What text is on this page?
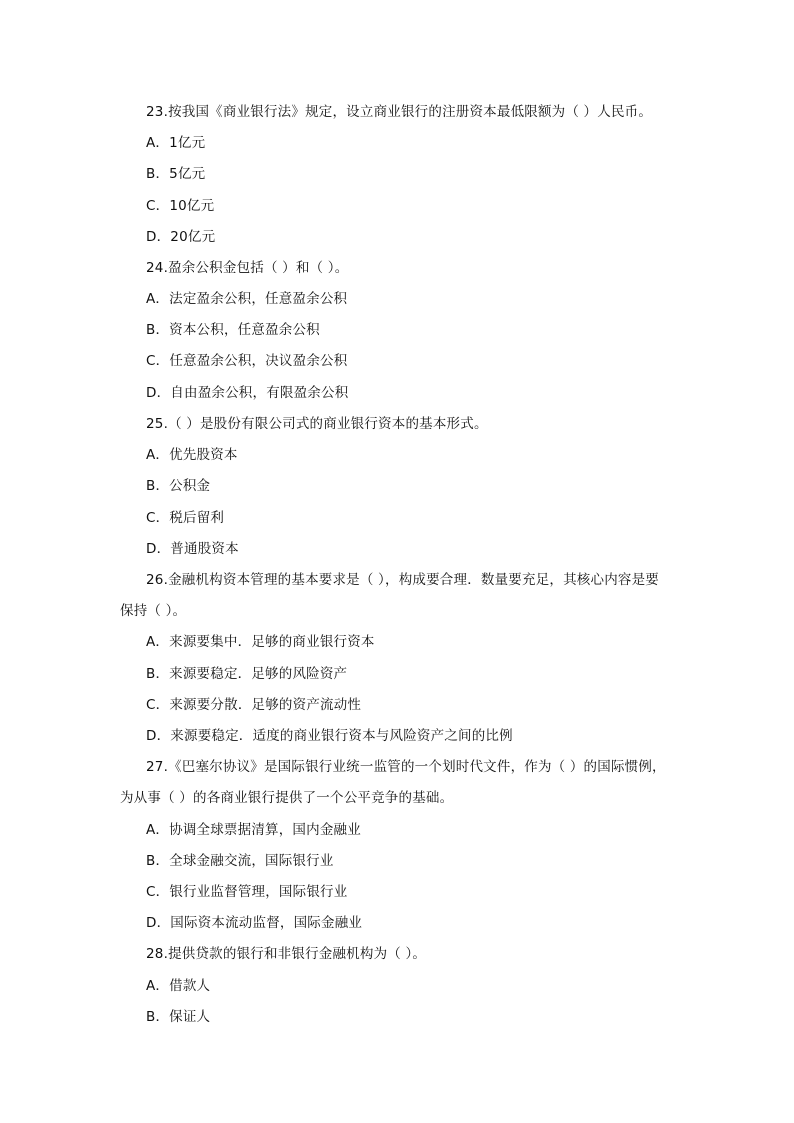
23.按我国《商业银行法》规定，设立商业银行的注册资本最低限额为（ ）人民币。
A．1亿元
B．5亿元
C．10亿元
D．20亿元
24.盈余公积金包括（ ）和（ ）。
A．法定盈余公积，任意盈余公积
B．资本公积，任意盈余公积
C．任意盈余公积，决议盈余公积
D．自由盈余公积，有限盈余公积
25.（ ）是股份有限公司式的商业银行资本的基本形式。
A．优先股资本
B．公积金
C．税后留利
D．普通股资本
26.金融机构资本管理的基本要求是（ ），构成要合理．数量要充足，其核心内容是要
保持（ ）。
A．来源要集中．足够的商业银行资本
B．来源要稳定．足够的风险资产
C．来源要分散．足够的资产流动性
D．来源要稳定．适度的商业银行资本与风险资产之间的比例
27.《巴塞尔协议》是国际银行业统一监管的一个划时代文件，作为（ ）的国际惯例，
为从事（ ）的各商业银行提供了一个公平竞争的基础。
A．协调全球票据清算，国内金融业
B．全球金融交流，国际银行业
C．银行业监督管理，国际银行业
D．国际资本流动监督，国际金融业
28.提供贷款的银行和非银行金融机构为（ ）。
A．借款人
B．保证人
